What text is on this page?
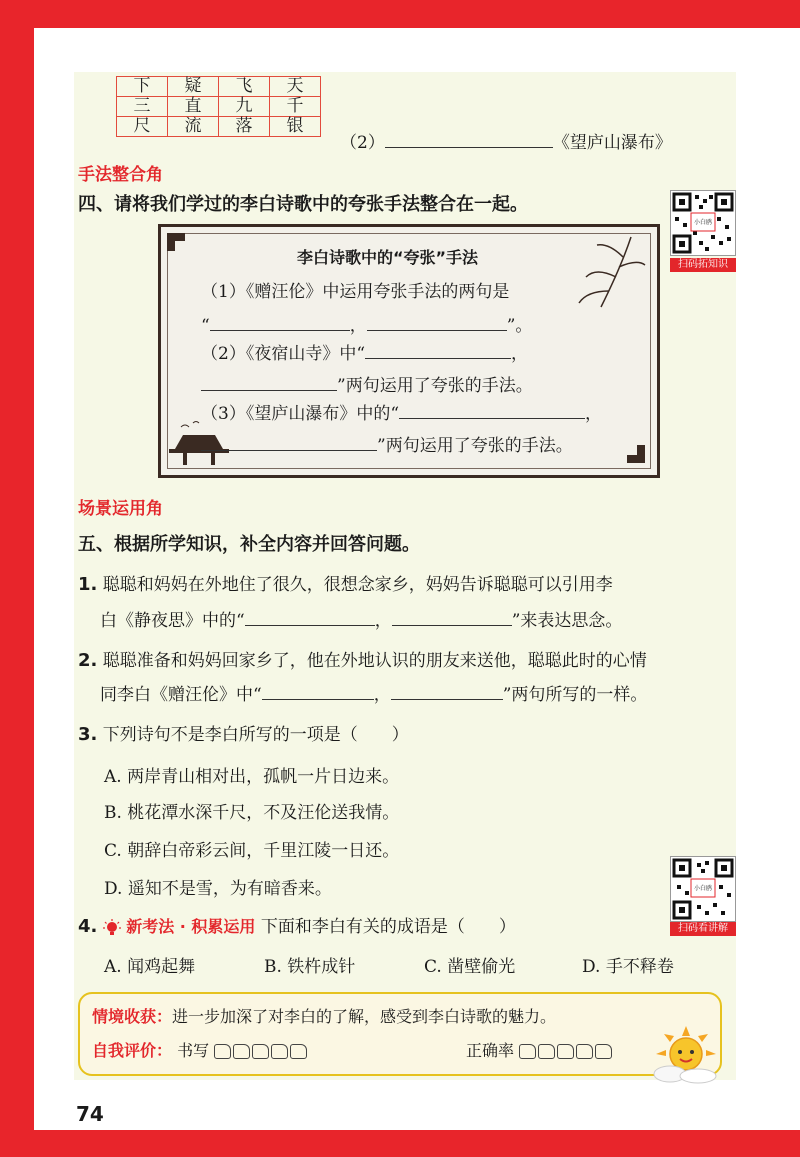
下	疑	飞	天
三	直	九	千
尺	流	落	银
（2）	《望庐山瀑布》
手法整合角
四、请将我们学过的李白诗歌中的夸张手法整合在一起。
小白鸥
扫码拓知识
李白诗歌中的“夸张”手法
（1）《赠汪伦》中运用夸张手法的两句是
“	，	”。
（2）《夜宿山寺》中“	，
”两句运用了夸张的手法。
（3）《望庐山瀑布》中的“	，
”两句运用了夸张的手法。
场景运用角
五、根据所学知识，补全内容并回答问题。
1. 聪聪和妈妈在外地住了很久，很想念家乡，妈妈告诉聪聪可以引用李
白《静夜思》中的“	，	”来表达思念。
2. 聪聪准备和妈妈回家乡了，他在外地认识的朋友来送他，聪聪此时的心情
同李白《赠汪伦》中“	，	”两句所写的一样。
3. 下列诗句不是李白所写的一项是（　　）
A. 两岸青山相对出，孤帆一片日边来。
B. 桃花潭水深千尺，不及汪伦送我情。
C. 朝辞白帝彩云间，千里江陵一日还。
D. 遥知不是雪，为有暗香来。	小白鸥
扫码看讲解
4. 新考法 · 积累运用 下面和李白有关的成语是（　　）
A. 闻鸡起舞	B. 铁杵成针	C. 凿壁偷光	D. 手不释卷
情境收获：进一步加深了对李白的了解，感受到李白诗歌的魅力。
自我评价： 书写	正确率
74
